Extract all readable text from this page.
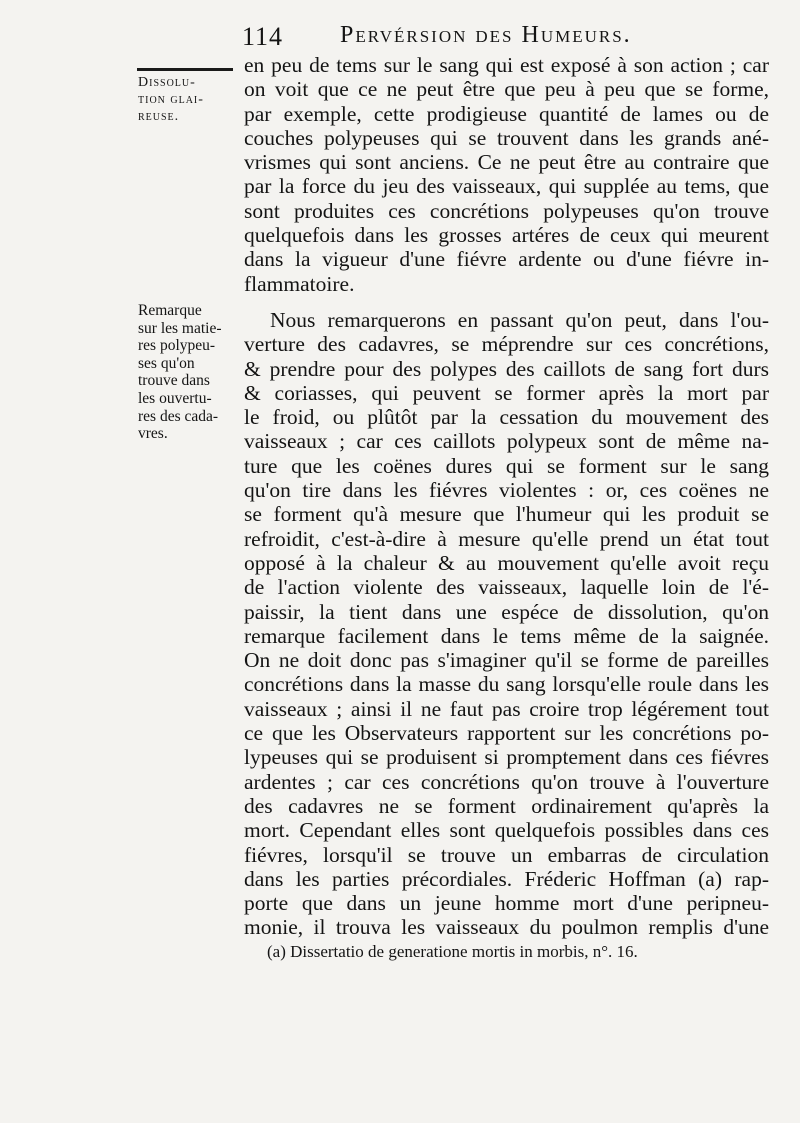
114 Pervérsion des Humeurs.
Dissolu-
tion glai-
reuse.
Remarque
sur les matie-
res polypeu-
ses qu'on
trouve dans
les ouvertu-
res des cada-
vres.
en peu de tems sur le sang qui est exposé à son action ; car
on voit que ce ne peut être que peu à peu que se forme,
par exemple, cette prodigieuse quantité de lames ou de
couches polypeuses qui se trouvent dans les grands ané-
vrismes qui sont anciens. Ce ne peut être au contraire que
par la force du jeu des vaisseaux, qui supplée au tems, que
sont produites ces concrétions polypeuses qu'on trouve
quelquefois dans les grosses artéres de ceux qui meurent
dans la vigueur d'une fiévre ardente ou d'une fiévre in-
flammatoire.
Nous remarquerons en passant qu'on peut, dans l'ou-
verture des cadavres, se méprendre sur ces concrétions,
& prendre pour des polypes des caillots de sang fort durs
& coriasses, qui peuvent se former après la mort par
le froid, ou plûtôt par la cessation du mouvement des
vaisseaux ; car ces caillots polypeux sont de même na-
ture que les coënes dures qui se forment sur le sang
qu'on tire dans les fiévres violentes : or, ces coënes ne
se forment qu'à mesure que l'humeur qui les produit se
refroidit, c'est-à-dire à mesure qu'elle prend un état tout
opposé à la chaleur & au mouvement qu'elle avoit reçu
de l'action violente des vaisseaux, laquelle loin de l'é-
paissir, la tient dans une espéce de dissolution, qu'on
remarque facilement dans le tems même de la saignée.
On ne doit donc pas s'imaginer qu'il se forme de pareilles
concrétions dans la masse du sang lorsqu'elle roule dans les
vaisseaux ; ainsi il ne faut pas croire trop légérement tout
ce que les Observateurs rapportent sur les concrétions po-
lypeuses qui se produisent si promptement dans ces fiévres
ardentes ; car ces concrétions qu'on trouve à l'ouverture
des cadavres ne se forment ordinairement qu'après la
mort. Cependant elles sont quelquefois possibles dans ces
fiévres, lorsqu'il se trouve un embarras de circulation
dans les parties précordiales. Fréderic Hoffman (a) rap-
porte que dans un jeune homme mort d'une peripneu-
monie, il trouva les vaisseaux du poulmon remplis d'une
(a) Dissertatio de generatione mortis in morbis, n°. 16.
